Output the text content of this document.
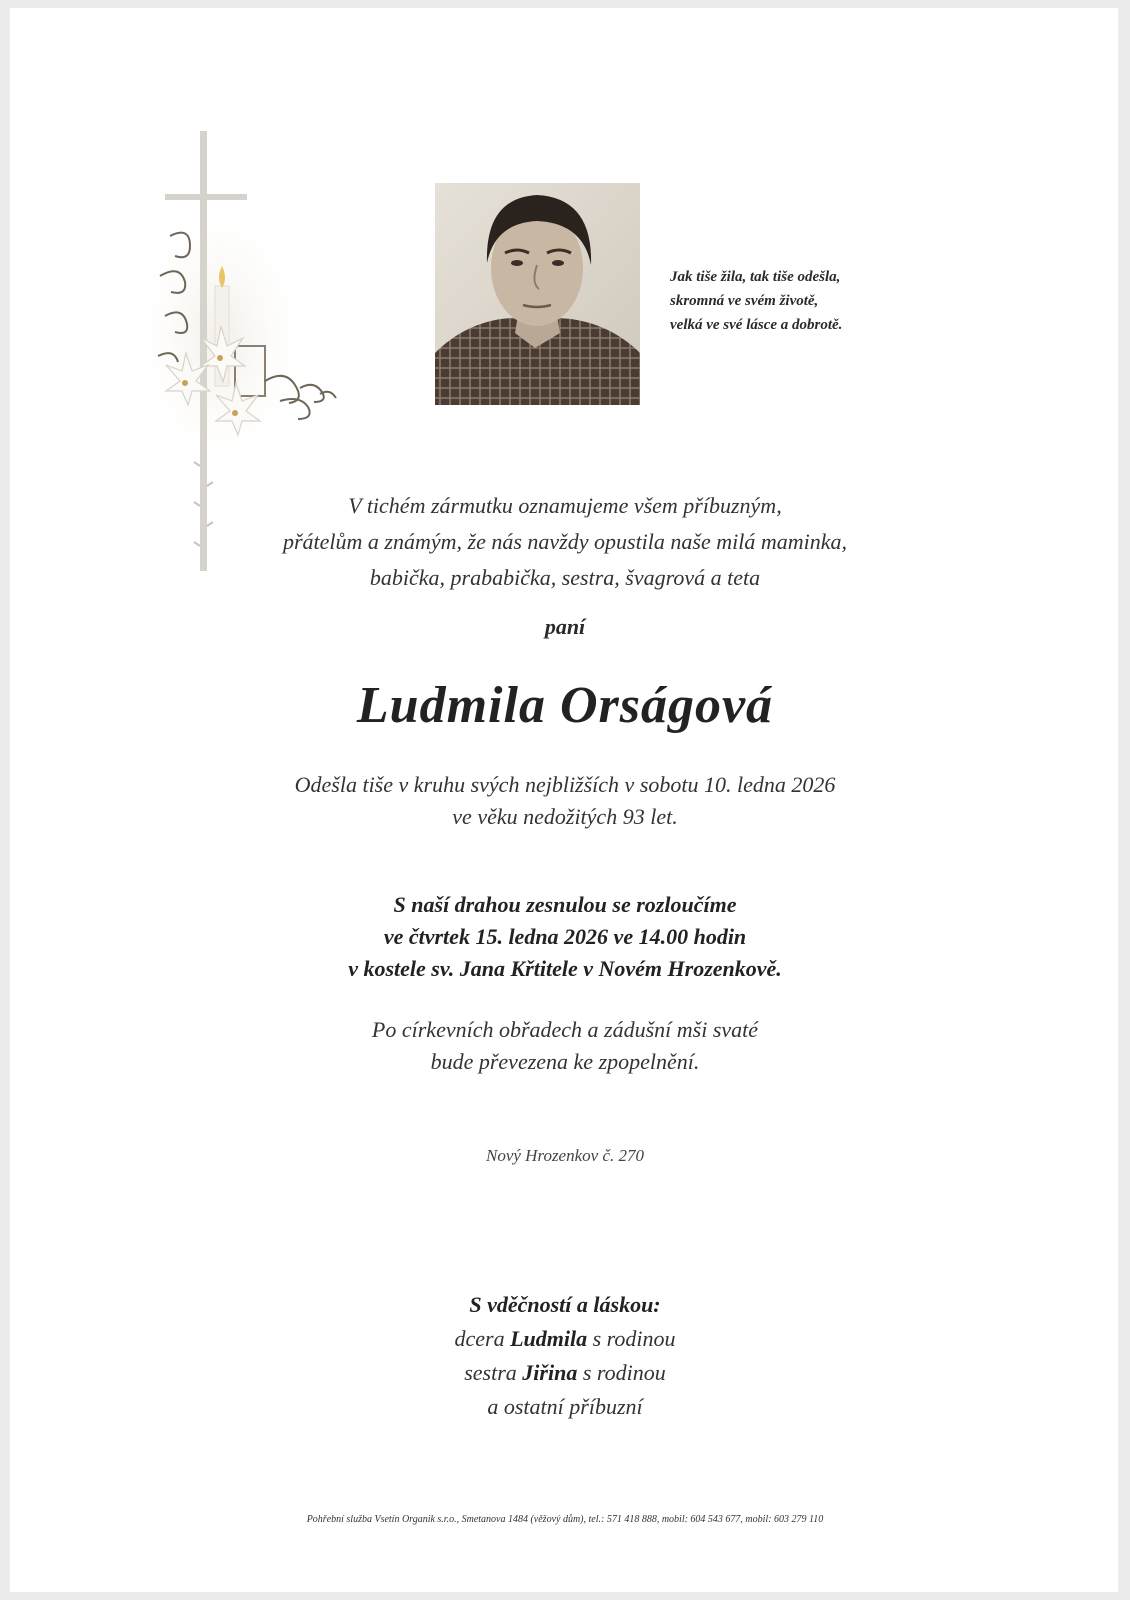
Jak tiše žila, tak tiše odešla,
skromná ve svém životě,
velká ve své lásce a dobrotě.
V tichém zármutku oznamujeme všem příbuzným,
přátelům a známým, že nás navždy opustila naše milá maminka,
babička, prababička, sestra, švagrová a teta
paní
Ludmila Orságová
Odešla tiše v kruhu svých nejbližších v sobotu 10. ledna 2026
ve věku nedožitých 93 let.
S naší drahou zesnulou se rozloučíme
ve čtvrtek 15. ledna 2026 ve 14.00 hodin
v kostele sv. Jana Křtitele v Novém Hrozenkově.
Po církevních obřadech a zádušní mši svaté
bude převezena ke zpopelnění.
Nový Hrozenkov č. 270
S vděčností a láskou:
dcera Ludmila s rodinou
sestra Jiřina s rodinou
a ostatní příbuzní
Pohřební služba Vsetín Organik s.r.o., Smetanova 1484 (věžový dům), tel.: 571 418 888, mobil: 604 543 677, mobil: 603 279 110
